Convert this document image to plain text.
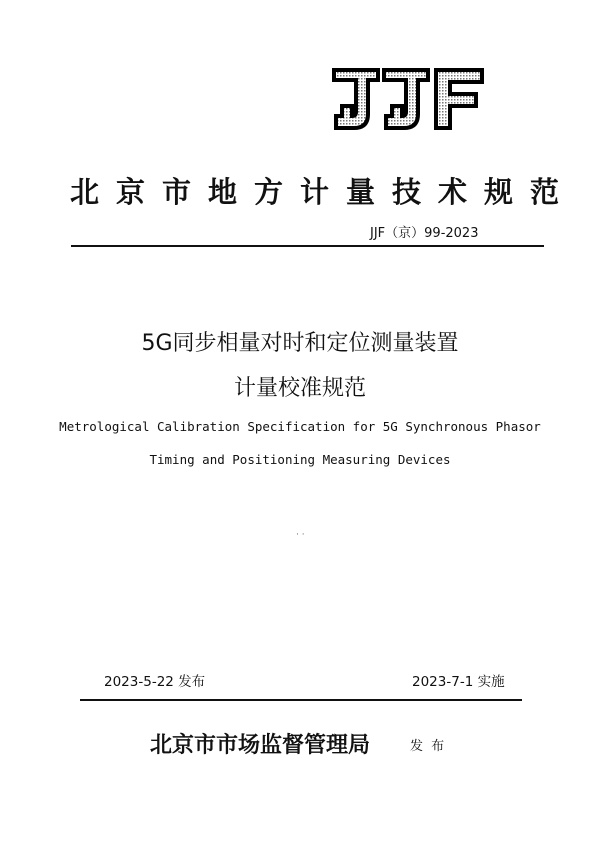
北京市地方计量技术规范
JJF（京）99-2023
5G同步相量对时和定位测量装置
计量校准规范
Metrological Calibration Specification for 5G Synchronous Phasor
Timing and Positioning Measuring Devices
· ·
2023-5-22 发布	2023-7-1 实施
北京市市场监督管理局	发 布
